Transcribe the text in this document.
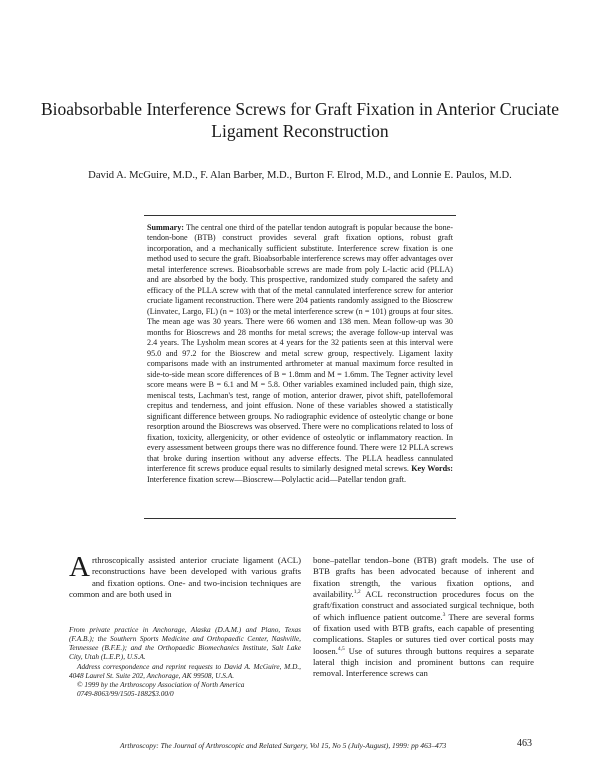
Bioabsorbable Interference Screws for Graft Fixation in Anterior Cruciate Ligament Reconstruction
David A. McGuire, M.D., F. Alan Barber, M.D., Burton F. Elrod, M.D., and Lonnie E. Paulos, M.D.
Summary: The central one third of the patellar tendon autograft is popular because the bone-tendon-bone (BTB) construct provides several graft fixation options, robust graft incorporation, and a mechanically sufficient substitute. Interference screw fixation is one method used to secure the graft. Bioabsorbable interference screws may offer advantages over metal interference screws. Bioabsorbable screws are made from poly L-lactic acid (PLLA) and are absorbed by the body. This prospective, randomized study compared the safety and efficacy of the PLLA screw with that of the metal cannulated interference screw for anterior cruciate ligament reconstruction. There were 204 patients randomly assigned to the Bioscrew (Linvatec, Largo, FL) (n = 103) or the metal interference screw (n = 101) groups at four sites. The mean age was 30 years. There were 66 women and 138 men. Mean follow-up was 30 months for Bioscrews and 28 months for metal screws; the average follow-up interval was 2.4 years. The Lysholm mean scores at 4 years for the 32 patients seen at this interval were 95.0 and 97.2 for the Bioscrew and metal screw group, respectively. Ligament laxity comparisons made with an instrumented arthrometer at manual maximum force resulted in side-to-side mean score differences of B = 1.8mm and M = 1.6mm. The Tegner activity level score means were B = 6.1 and M = 5.8. Other variables examined included pain, thigh size, meniscal tests, Lachman's test, range of motion, anterior drawer, pivot shift, patellofemoral crepitus and tenderness, and joint effusion. None of these variables showed a statistically significant difference between groups. No radiographic evidence of osteolytic change or bone resorption around the Bioscrews was observed. There were no complications related to loss of fixation, toxicity, allergenicity, or other evidence of osteolytic or inflammatory reaction. In every assessment between groups there was no difference found. There were 12 PLLA screws that broke during insertion without any adverse effects. The PLLA headless cannulated interference fit screws produce equal results to similarly designed metal screws. Key Words: Interference fixation screw—Bioscrew—Polylactic acid—Patellar tendon graft.
Arthroscopically assisted anterior cruciate ligament (ACL) reconstructions have been developed with various grafts and fixation options. One- and two-incision techniques are common and are both used in

From private practice in Anchorage, Alaska (D.A.M.) and Plano, Texas (F.A.B.); the Southern Sports Medicine and Orthopaedic Center, Nashville, Tennessee (B.F.E.); and the Orthopaedic Biomechanics Institute, Salt Lake City, Utah (L.E.P.), U.S.A.

Address correspondence and reprint requests to David A. McGuire, M.D., 4048 Laurel St. Suite 202, Anchorage, AK 99508, U.S.A.

© 1999 by the Arthroscopy Association of North America

0749-8063/99/1505-1882$3.00/0

bone–patellar tendon–bone (BTB) graft models. The use of BTB grafts has been advocated because of inherent and fixation strength, the various fixation options, and availability.$^{1,2}$ ACL reconstruction procedures focus on the graft/fixation construct and associated surgical technique, both of which influence patient outcome.$^3$ There are several forms of fixation used with BTB grafts, each capable of presenting complications. Staples or sutures tied over cortical posts may loosen.$^{4,5}$ Use of sutures through buttons requires a separate lateral thigh incision and prominent buttons can require removal. Interference screws can
Arthroscopy: The Journal of Arthroscopic and Related Surgery, Vol 15, No 5 (July-August), 1999: pp 463–473	463
